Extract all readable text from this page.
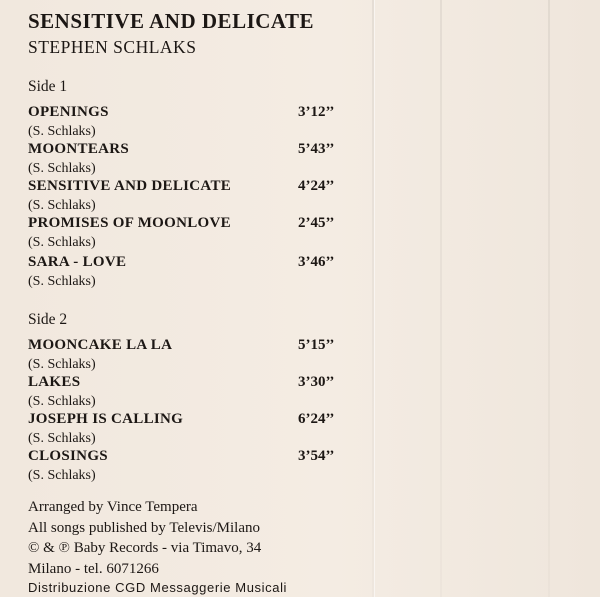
SENSITIVE AND DELICATE
STEPHEN SCHLAKS
Side 1
OPENINGS	3’12’’
(S. Schlaks)
MOONTEARS	5’43’’
(S. Schlaks)
SENSITIVE AND DELICATE	4’24’’
(S. Schlaks)
PROMISES OF MOONLOVE	2’45’’
(S. Schlaks)
SARA - LOVE	3’46’’
(S. Schlaks)
Side 2
MOONCAKE LA LA	5’15’’
(S. Schlaks)
LAKES	3’30’’
(S. Schlaks)
JOSEPH IS CALLING	6’24’’
(S. Schlaks)
CLOSINGS	3’54’’
(S. Schlaks)
Arranged by Vince Tempera
All songs published by Televis/Milano
© & ℗ Baby Records - via Timavo, 34
Milano - tel. 6071266
Distribuzione CGD Messaggerie Musicali
